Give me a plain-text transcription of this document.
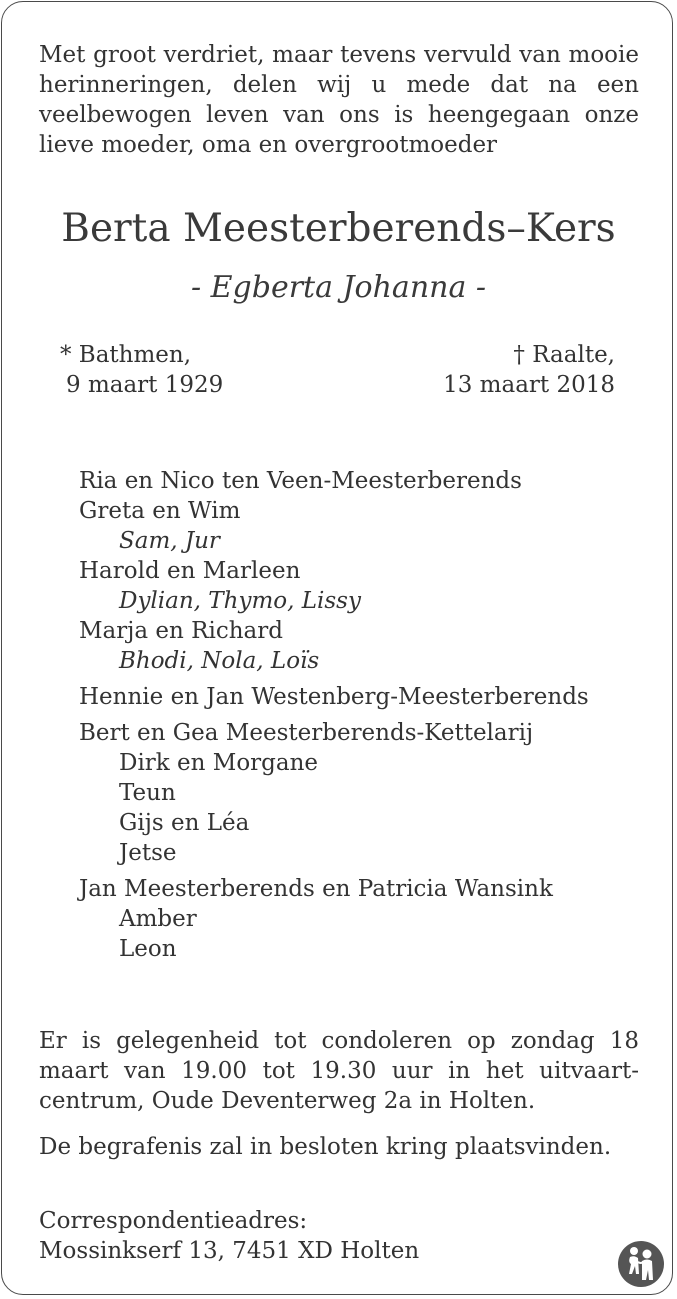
Met groot verdriet, maar tevens vervuld van mooie herinneringen, delen wij u mede dat na een veelbewogen leven van ons is heengegaan onze lieve moeder, oma en overgrootmoeder
Berta Meesterberends–Kers
- Egberta Johanna -
* Bathmen,
9 maart 1929
† Raalte,
13 maart 2018
Ria en Nico ten Veen-Meesterberends
Greta en Wim
Sam, Jur
Harold en Marleen
Dylian, Thymo, Lissy
Marja en Richard
Bhodi, Nola, Loïs
Hennie en Jan Westenberg-Meesterberends
Bert en Gea Meesterberends-Kettelarij
Dirk en Morgane
Teun
Gijs en Léa
Jetse
Jan Meesterberends en Patricia Wansink
Amber
Leon
Er is gelegenheid tot condoleren op zondag 18 maart van 19.00 tot 19.30 uur in het uitvaartcentrum, Oude Deventerweg 2a in Holten.
De begrafenis zal in besloten kring plaatsvinden.
Correspondentieadres:
Mossinkserf 13, 7451 XD Holten
